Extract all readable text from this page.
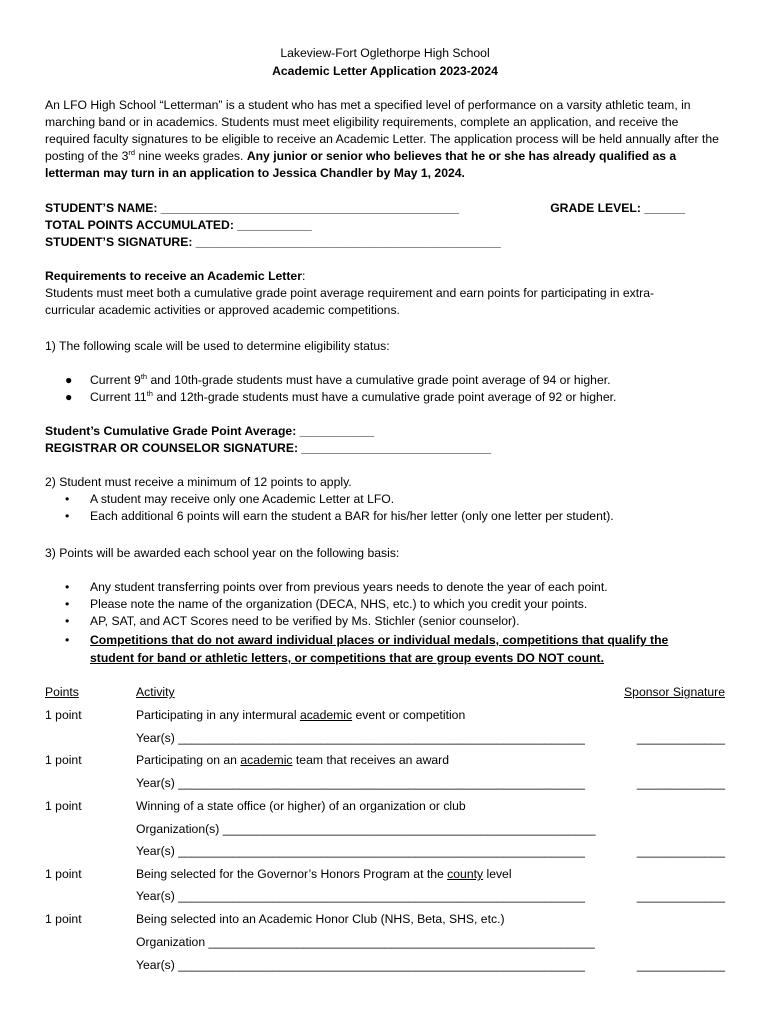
Lakeview-Fort Oglethorpe High School
Academic Letter Application 2023-2024
An LFO High School “Letterman” is a student who has met a specified level of performance on a varsity athletic team, in marching band or in academics. Students must meet eligibility requirements, complete an application, and receive the required faculty signatures to be eligible to receive an Academic Letter. The application process will be held annually after the posting of the 3rd nine weeks grades. Any junior or senior who believes that he or she has already qualified as a letterman may turn in an application to Jessica Chandler by May 1, 2024.
STUDENT’S NAME: ____________________________________________	GRADE LEVEL: ______
TOTAL POINTS ACCUMULATED: ___________
STUDENT’S SIGNATURE: _____________________________________________
Requirements to receive an Academic Letter:
Students must meet both a cumulative grade point average requirement and earn points for participating in extra-curricular academic activities or approved academic competitions.
1) The following scale will be used to determine eligibility status:
● Current 9th and 10th-grade students must have a cumulative grade point average of 94 or higher.
● Current 11th and 12th-grade students must have a cumulative grade point average of 92 or higher.
Student’s Cumulative Grade Point Average: ___________
REGISTRAR OR COUNSELOR SIGNATURE: ____________________________
2) Student must receive a minimum of 12 points to apply.
• A student may receive only one Academic Letter at LFO.
• Each additional 6 points will earn the student a BAR for his/her letter (only one letter per student).
3) Points will be awarded each school year on the following basis:
• Any student transferring points over from previous years needs to denote the year of each point.
• Please note the name of the organization (DECA, NHS, etc.) to which you credit your points.
• AP, SAT, and ACT Scores need to be verified by Ms. Stichler (senior counselor).
• Competitions that do not award individual places or individual medals, competitions that qualify the
student for band or athletic letters, or competitions that are group events DO NOT count.
Points	Activity	Sponsor Signature
1 point	Participating in any intermural academic event or competition
Year(s) ____________________________________________________________	_____________
1 point	Participating on an academic team that receives an award
Year(s) ____________________________________________________________	_____________
1 point	Winning of a state office (or higher) of an organization or club
Organization(s) _______________________________________________________
Year(s) ____________________________________________________________	_____________
1 point	Being selected for the Governor’s Honors Program at the county level
Year(s) ____________________________________________________________	_____________
1 point	Being selected into an Academic Honor Club (NHS, Beta, SHS, etc.)
Organization _________________________________________________________
Year(s) ____________________________________________________________	_____________
